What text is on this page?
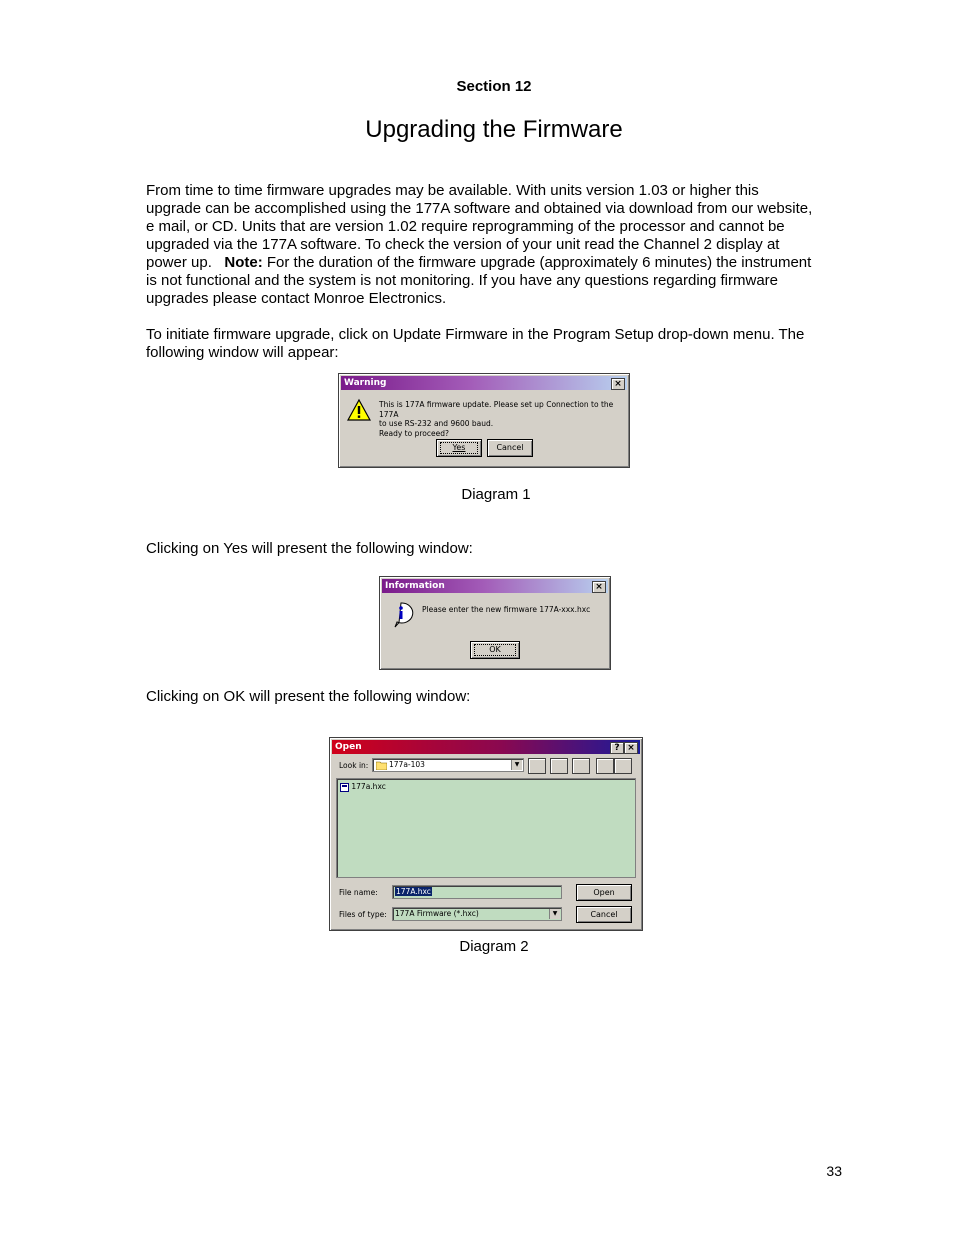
Section 12
Upgrading the Firmware
From time to time firmware upgrades may be available. With units version 1.03 or higher this
upgrade can be accomplished using the 177A software and obtained via download from our website,
e mail, or CD. Units that are version 1.02 require reprogramming of the processor and cannot be
upgraded via the 177A software. To check the version of your unit read the Channel 2 display at
power up.   Note: For the duration of the firmware upgrade (approximately 6 minutes) the instrument
is not functional and the system is not monitoring. If you have any questions regarding firmware
upgrades please contact Monroe Electronics.
To initiate firmware upgrade, click on Update Firmware in the Program Setup drop-down menu. The
following window will appear:
Warning	×
This is 177A firmware update. Please set up Connection to the 177A
to use RS-232 and 9600 baud.
Ready to proceed?
Yes	Cancel
Diagram 1
Clicking on Yes will present the following window:
Information	×
Please enter the new firmware 177A-xxx.hxc
OK
Clicking on OK will present the following window:
Open	? ×
Look in:	177a-103	▼
177a.hxc
File name:	177A.hxc	Open
Files of type:	177A Firmware (*.hxc)	▼	Cancel
Diagram 2
33
